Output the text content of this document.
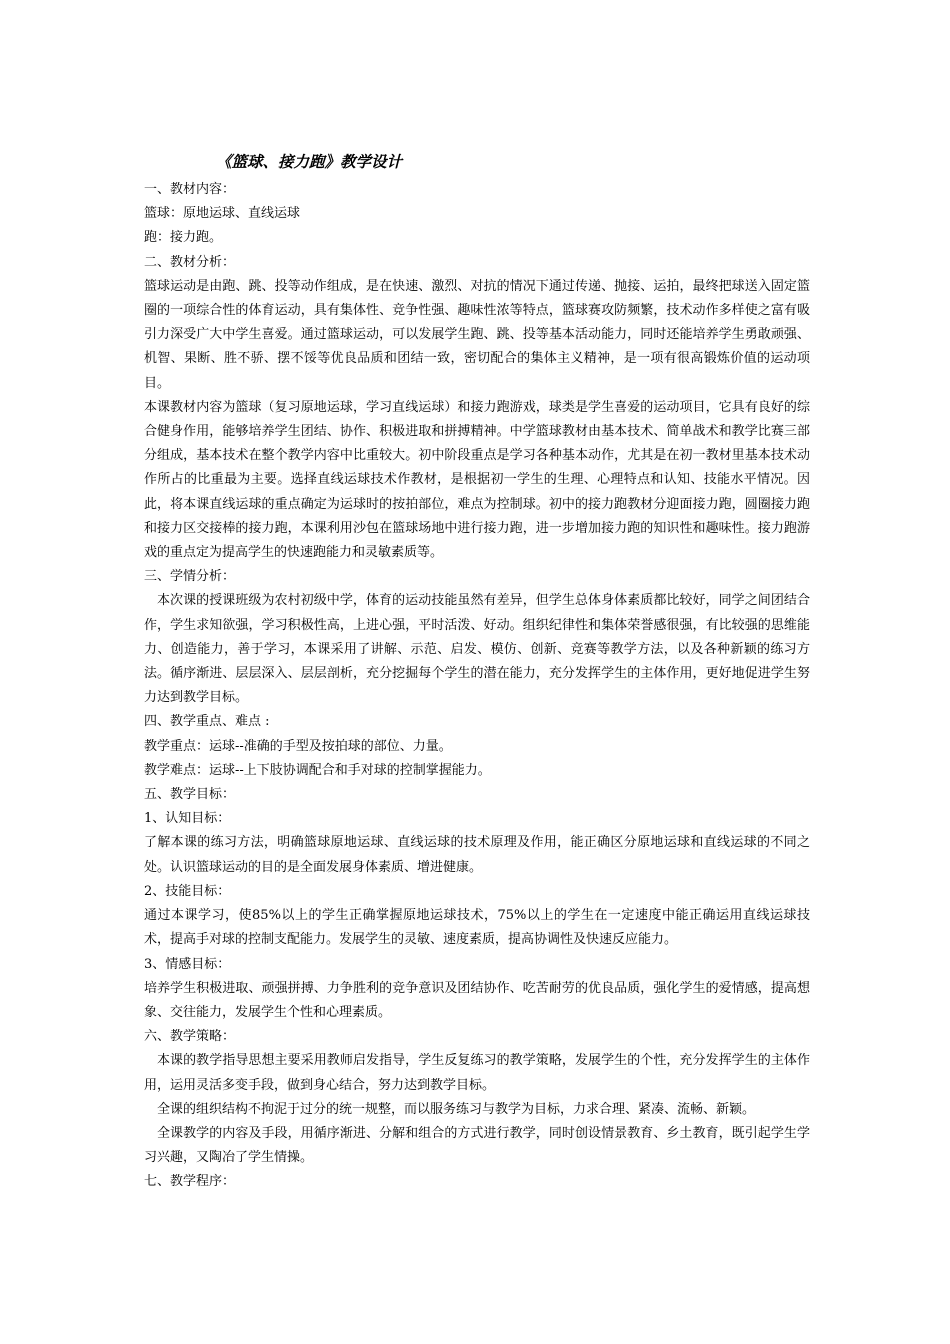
《篮球、接力跑》教学设计

一、教材内容：

篮球：原地运球、直线运球

跑：接力跑。

二、教材分析：

篮球运动是由跑、跳、投等动作组成，是在快速、激烈、对抗的情况下通过传递、抛接、运拍，最终把球送入固定篮圈的一项综合性的体育运动，具有集体性、竞争性强、趣味性浓等特点，篮球赛攻防频繁，技术动作多样使之富有吸引力深受广大中学生喜爱。通过篮球运动，可以发展学生跑、跳、投等基本活动能力，同时还能培养学生勇敢顽强、机智、果断、胜不骄、摆不馁等优良品质和团结一致，密切配合的集体主义精神，是一项有很高锻炼价值的运动项目。

本课教材内容为篮球（复习原地运球，学习直线运球）和接力跑游戏，球类是学生喜爱的运动项目，它具有良好的综合健身作用，能够培养学生团结、协作、积极进取和拼搏精神。中学篮球教材由基本技术、简单战术和教学比赛三部分组成，基本技术在整个教学内容中比重较大。初中阶段重点是学习各种基本动作，尤其是在初一教材里基本技术动作所占的比重最为主要。选择直线运球技术作教材，是根据初一学生的生理、心理特点和认知、技能水平情况。因此，将本课直线运球的重点确定为运球时的按拍部位，难点为控制球。初中的接力跑教材分迎面接力跑，圆圈接力跑和接力区交接棒的接力跑，本课利用沙包在篮球场地中进行接力跑，进一步增加接力跑的知识性和趣味性。接力跑游戏的重点定为提高学生的快速跑能力和灵敏素质等。

三、学情分析：

本次课的授课班级为农村初级中学，体育的运动技能虽然有差异，但学生总体身体素质都比较好，同学之间团结合作，学生求知欲强，学习积极性高，上进心强，平时活泼、好动。组织纪律性和集体荣誉感很强，有比较强的思维能力、创造能力，善于学习，本课采用了讲解、示范、启发、模仿、创新、竞赛等教学方法，以及各种新颖的练习方法。循序渐进、层层深入、层层剖析，充分挖掘每个学生的潜在能力，充分发挥学生的主体作用，更好地促进学生努力达到教学目标。

四、教学重点、难点 :

教学重点：运球--准确的手型及按拍球的部位、力量。

教学难点：运球--上下肢协调配合和手对球的控制掌握能力。

五、教学目标：

1、认知目标：

了解本课的练习方法，明确篮球原地运球、直线运球的技术原理及作用，能正确区分原地运球和直线运球的不同之处。认识篮球运动的目的是全面发展身体素质、增进健康。

2、技能目标：

通过本课学习，使85%以上的学生正确掌握原地运球技术，75%以上的学生在一定速度中能正确运用直线运球技术，提高手对球的控制支配能力。发展学生的灵敏、速度素质，提高协调性及快速反应能力。

3、情感目标：

培养学生积极进取、顽强拼搏、力争胜利的竞争意识及团结协作、吃苦耐劳的优良品质，强化学生的爱情感，提高想象、交往能力，发展学生个性和心理素质。

六、教学策略：

本课的教学指导思想主要采用教师启发指导，学生反复练习的教学策略，发展学生的个性，充分发挥学生的主体作用，运用灵活多变手段，做到身心结合，努力达到教学目标。

全课的组织结构不拘泥于过分的统一规整，而以服务练习与教学为目标，力求合理、紧凑、流畅、新颖。

全课教学的内容及手段，用循序渐进、分解和组合的方式进行教学，同时创设情景教育、乡土教育，既引起学生学习兴趣，又陶冶了学生情操。

七、教学程序：
